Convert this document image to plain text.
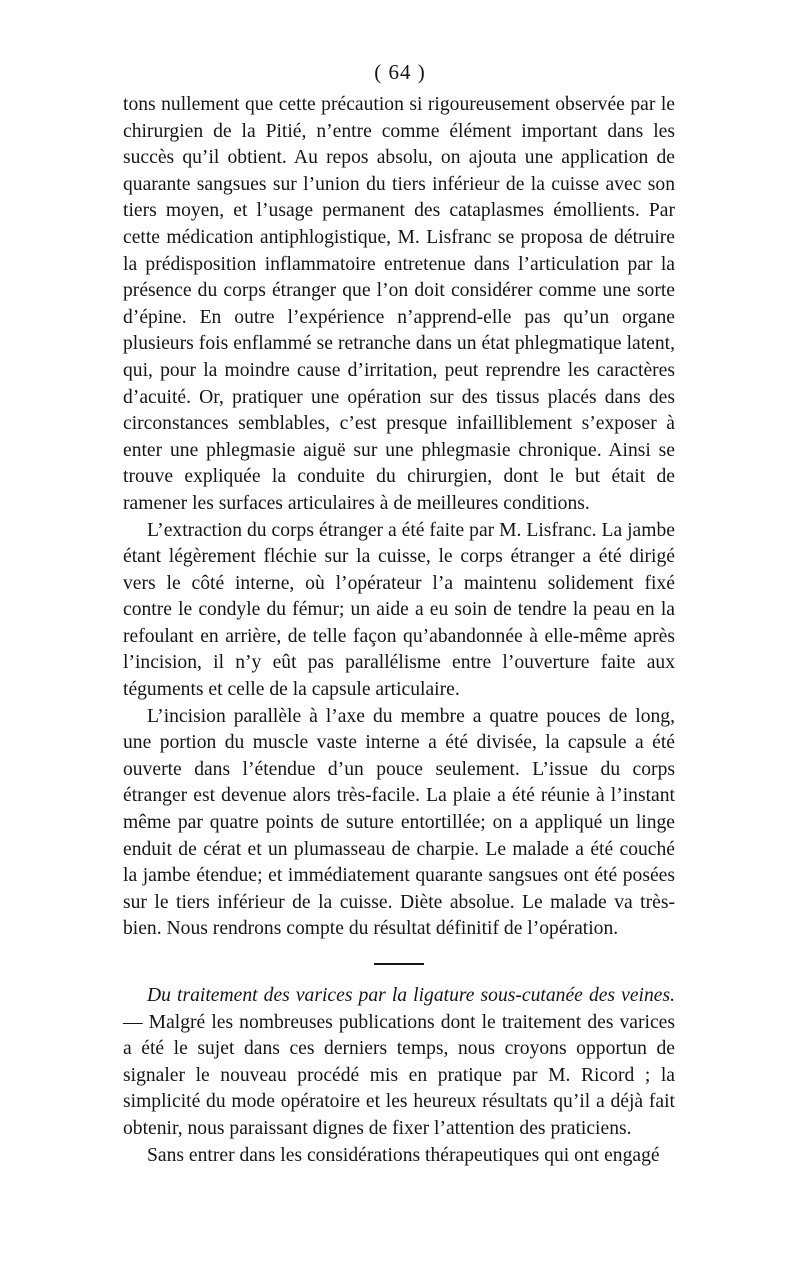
( 64 )

tons nullement que cette précaution si rigoureusement observée par le chirurgien de la Pitié, n’entre comme élément important dans les succès qu’il obtient. Au repos absolu, on ajouta une application de quarante sangsues sur l’union du tiers inférieur de la cuisse avec son tiers moyen, et l’usage permanent des cataplasmes émollients. Par cette médication antiphlogistique, M. Lisfranc se proposa de détruire la prédisposition inflammatoire entretenue dans l’articulation par la présence du corps étranger que l’on doit considérer comme une sorte d’épine. En outre l’expérience n’apprend-elle pas qu’un organe plusieurs fois enflammé se retranche dans un état phlegmatique latent, qui, pour la moindre cause d’irritation, peut reprendre les caractères d’acuité. Or, pratiquer une opération sur des tissus placés dans des circonstances semblables, c’est presque infailliblement s’exposer à enter une phlegmasie aiguë sur une phlegmasie chronique. Ainsi se trouve expliquée la conduite du chirurgien, dont le but était de ramener les surfaces articulaires à de meilleures conditions.

L’extraction du corps étranger a été faite par M. Lisfranc. La jambe étant légèrement fléchie sur la cuisse, le corps étranger a été dirigé vers le côté interne, où l’opérateur l’a maintenu solidement fixé contre le condyle du fémur; un aide a eu soin de tendre la peau en la refoulant en arrière, de telle façon qu’abandonnée à elle-même après l’incision, il n’y eût pas parallélisme entre l’ouverture faite aux téguments et celle de la capsule articulaire.

L’incision parallèle à l’axe du membre a quatre pouces de long, une portion du muscle vaste interne a été divisée, la capsule a été ouverte dans l’étendue d’un pouce seulement. L’issue du corps étranger est devenue alors très-facile. La plaie a été réunie à l’instant même par quatre points de suture entortillée; on a appliqué un linge enduit de cérat et un plumasseau de charpie. Le malade a été couché la jambe étendue; et immédiatement quarante sangsues ont été posées sur le tiers inférieur de la cuisse. Diète absolue. Le malade va très-bien. Nous rendrons compte du résultat définitif de l’opération.

Du traitement des varices par la ligature sous-cutanée des veines. — Malgré les nombreuses publications dont le traitement des varices a été le sujet dans ces derniers temps, nous croyons opportun de signaler le nouveau procédé mis en pratique par M. Ricord ; la simplicité du mode opératoire et les heureux résultats qu’il a déjà fait obtenir, nous paraissant dignes de fixer l’attention des praticiens.

Sans entrer dans les considérations thérapeutiques qui ont engagé
